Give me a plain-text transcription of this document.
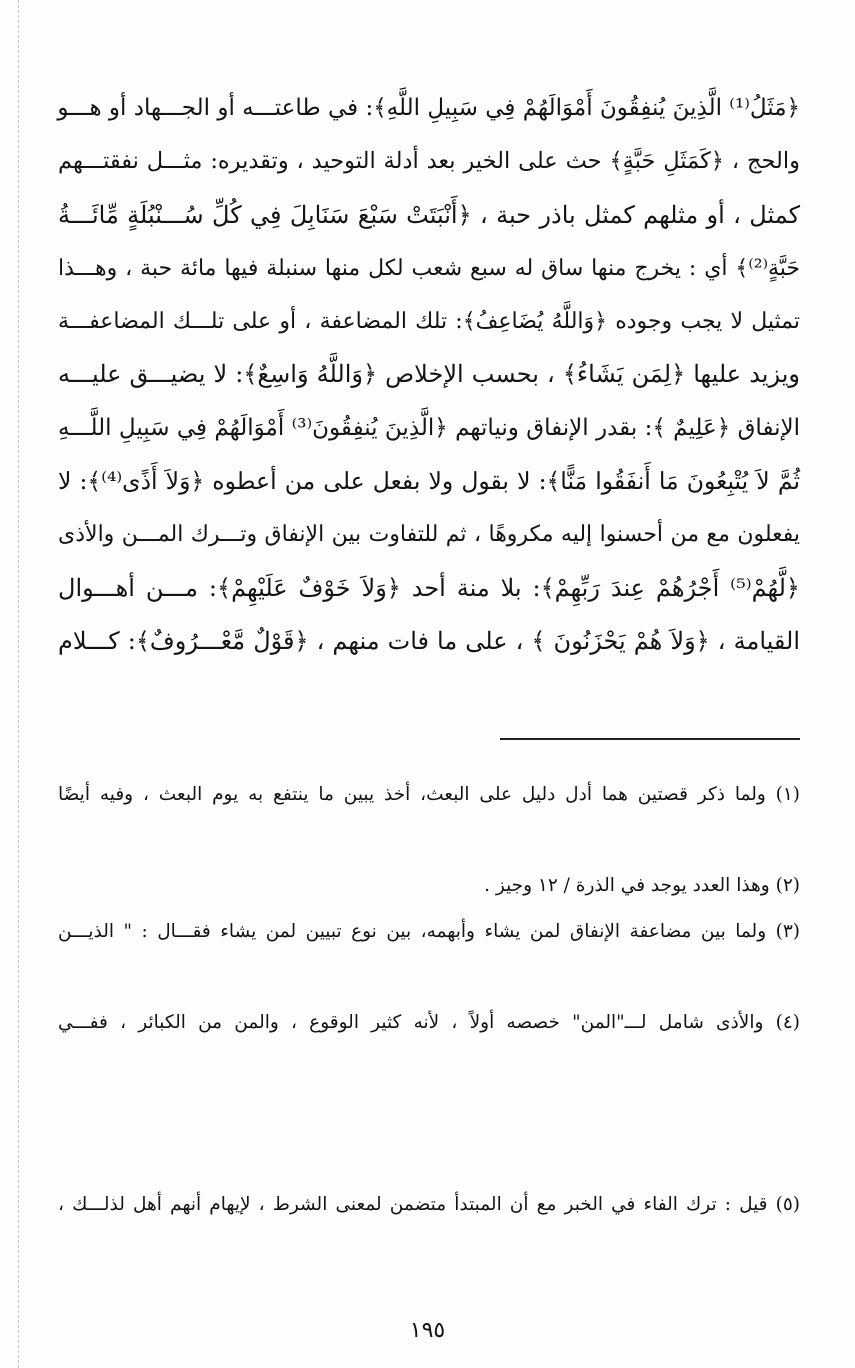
﴿مَثَلُ⁽¹⁾ الَّذِينَ يُنفِقُونَ أَمْوَالَهُمْ فِي سَبِيلِ اللَّهِ﴾: في طاعتـــه أو الجـــهاد أو هـــو
والحج ، ﴿كَمَثَلِ حَبَّةٍ﴾ حث على الخير بعد أدلة التوحيد ، وتقديره: مثـــل نفقتـــهم
كمثل ، أو مثلهم كمثل باذر حبة ، ﴿أَنْبَتَتْ سَبْعَ سَنَابِلَ فِي كُلِّ سُـــنْبُلَةٍ مِّائَـــةُ
حَبَّةٍ⁽²⁾﴾ أي : يخرج منها ساق له سبع شعب لكل منها سنبلة فيها مائة حبة ، وهـــذا
تمثيل لا يجب وجوده ﴿وَاللَّهُ يُضَاعِفُ﴾: تلك المضاعفة ، أو على تلـــك المضاعفـــة
ويزيد عليها ﴿لِمَن يَشَاءُ﴾ ، بحسب الإخلاص ﴿وَاللَّهُ وَاسِعٌ﴾: لا يضيـــق عليـــه
الإنفاق ﴿عَلِيمٌ ﴾: بقدر الإنفاق ونياتهم ﴿الَّذِينَ يُنفِقُونَ⁽³⁾ أَمْوَالَهُمْ فِي سَبِيلِ اللَّـــهِ
ثُمَّ لاَ يُتْبِعُونَ مَا أَنفَقُوا مَنًّا﴾: لا بقول ولا بفعل على من أعطوه ﴿وَلاَ أَذًى⁽⁴⁾﴾: لا
يفعلون مع من أحسنوا إليه مكروهًا ، ثم للتفاوت بين الإنفاق وتـــرك المـــن والأذى
﴿لَّهُمْ⁽⁵⁾ أَجْرُهُمْ عِندَ رَبِّهِمْ﴾: بلا منة أحد ﴿وَلاَ خَوْفٌ عَلَيْهِمْ﴾: مـــن أهـــوال
القيامة ، ﴿وَلاَ هُمْ يَحْزَنُونَ ﴾ ، على ما فات منهم ، ﴿قَوْلٌ مَّعْـــرُوفٌ﴾: كـــلام

(١) ولما ذكر قصتين هما أدل دليل على البعث، أخذ يبين ما ينتفع به يوم البعث ، وفيه أيضًا
(٢) وهذا العدد يوجد في الذرة / ١٢ وجيز .
(٣) ولما بين مضاعفة الإنفاق لمن يشاء وأبهمه، بين نوع تبيين لمن يشاء فقـــال : " الذيـــن
(٤) والأذى شامل لـــ"المن" خصصه أولاً ، لأنه كثير الوقوع ، والمن من الكبائر ، ففـــي
(٥) قيل : ترك الفاء في الخبر مع أن المبتدأ متضمن لمعنى الشرط ، لإيهام أنهم أهل لذلـــك ،
١٩٥
